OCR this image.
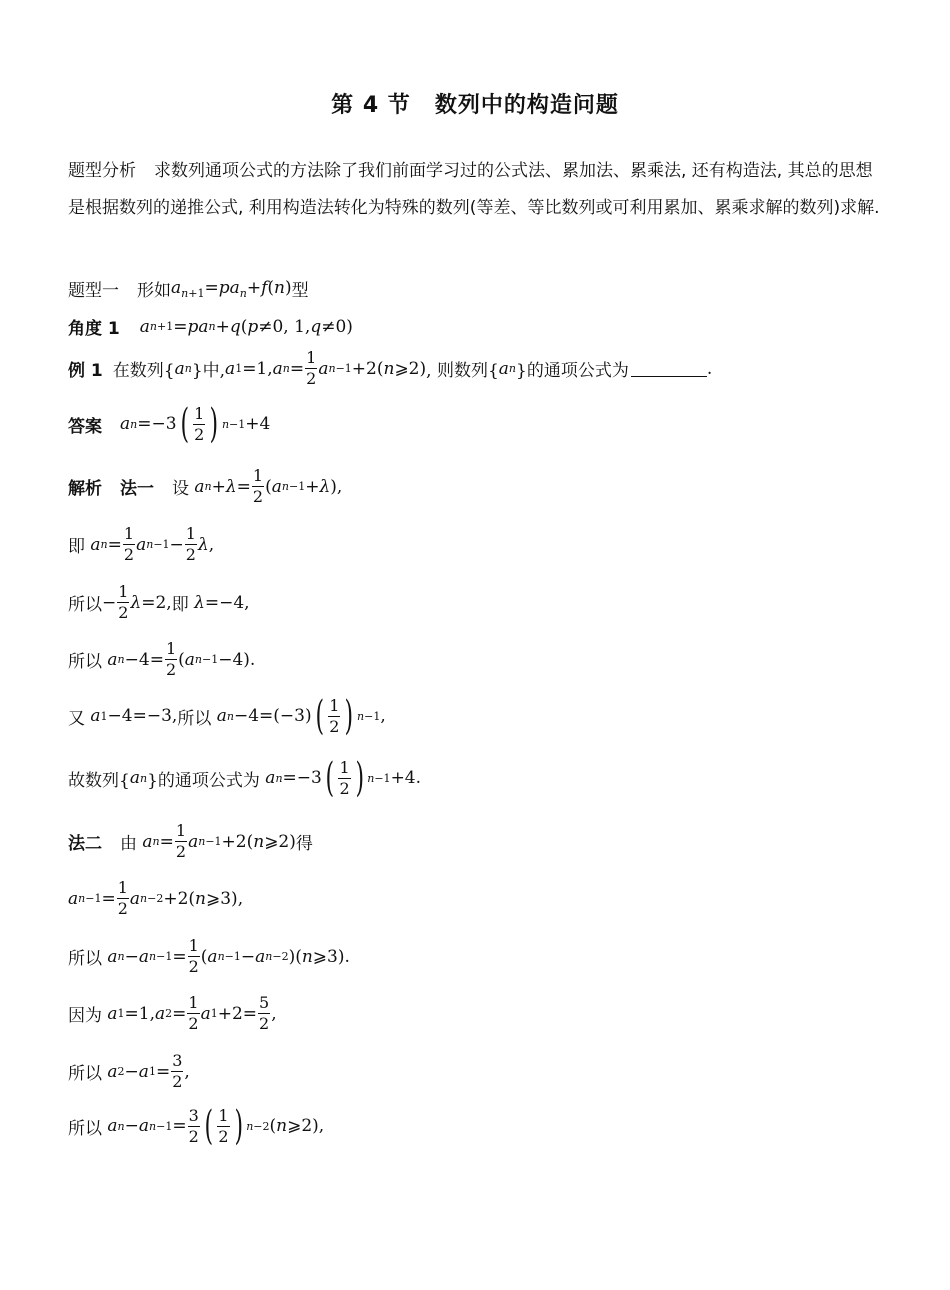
第 4 节 数列中的构造问题
题型分析 求数列通项公式的方法除了我们前面学习过的公式法、累加法、累乘法, 还有构造法, 其总的思想是根据数列的递推公式, 利用构造法转化为特殊的数列(等差、等比数列或可利用累加、累乘求解的数列)求解.
题型一 形如 $a_{n+1}=pa_n+f(n)$ 型
角度 1 a n+1 = pa n + q ( p ≠0, 1, q ≠0)
例 1 在数列{ a n }中, a 1 =1, a $n = \frac{1}{2}$ a n−1 +2( n ⩾2) , 则数列{ a n }的通项公式为	.
答案 a n =−3 ( $\frac{1}{2}$ ) n−1 +4
解析 法一 设
a $n + \lambda = \frac{1}{2}$ ( a n−1 + λ ),
即
a $n = \frac{1}{2}$ a $n-1 - \frac{1}{2}$ λ ,
所以 − $\frac{1}{2}$ λ =2, 即
λ =−4,
所以
a $n -4= \frac{1}{2}$ ( a n−1 −4).
又
a 1 −4=−3, 所以
a n −4=(−3) ( $\frac{1}{2}$ ) n−1 ,
故数列{ a n }的通项公式为
a n =−3 ( $\frac{1}{2}$ ) n−1 +4.
法二 由
a $n = \frac{1}{2}$ a n−1 +2( n ⩾2) 得
a $n-1 = \frac{1}{2}$ a n−2 +2( n ⩾3),
所以
a n − a $n-1 = \frac{1}{2}$ ( a n−1 − a n−2 )( n ⩾3).
因为
a 1 =1, a $2 = \frac{1}{2}$ a $1 +2= \frac{5}{2}$ ,
所以
a 2 − a $1 = \frac{3}{2}$ ,
所以
a n − a $n-1 = \frac{3}{2}$ ( $\frac{1}{2}$ ) n−2 ( n ⩾2),
